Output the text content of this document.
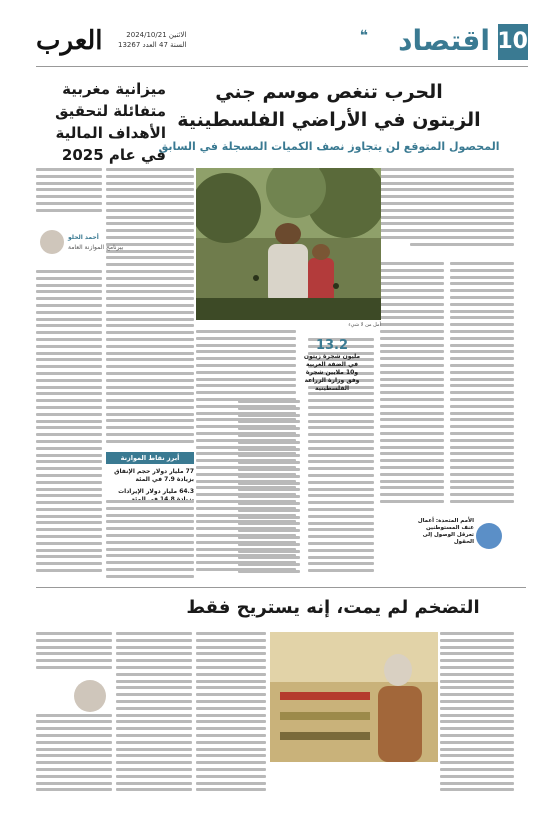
10
اقتصاد
❝
العرب	الاثنين 2024/10/21
السنة 47 العدد 13267
الحرب تنغص موسم جني
الزيتون في الأراضي الفلسطينية
المحصول المتوقع لن يتجاوز نصف الكميات المسجلة في السابق
ميزانية مغربية متفائلة لتحقيق الأهداف المالية في عام 2025
أمل من لا شيء
13.2
مليون شجرة زيتون في الضفة الغربية و10 ملايين شجرة وفق وزارة الزراعة الفلسطينية
الأمم المتحدة: أعمال عنف المستوطنين تعرقل الوصول إلى الحقول
أحمد الحلو
بيرنامج الموازنة العامة
أبرز نقاط الموازنة
77 مليار دولار حجم الإنفاق بزيادة 7.9 في المئة
64.3 مليار دولار الإيرادات
التضخم لم يمت، إنه يستريح فقط
